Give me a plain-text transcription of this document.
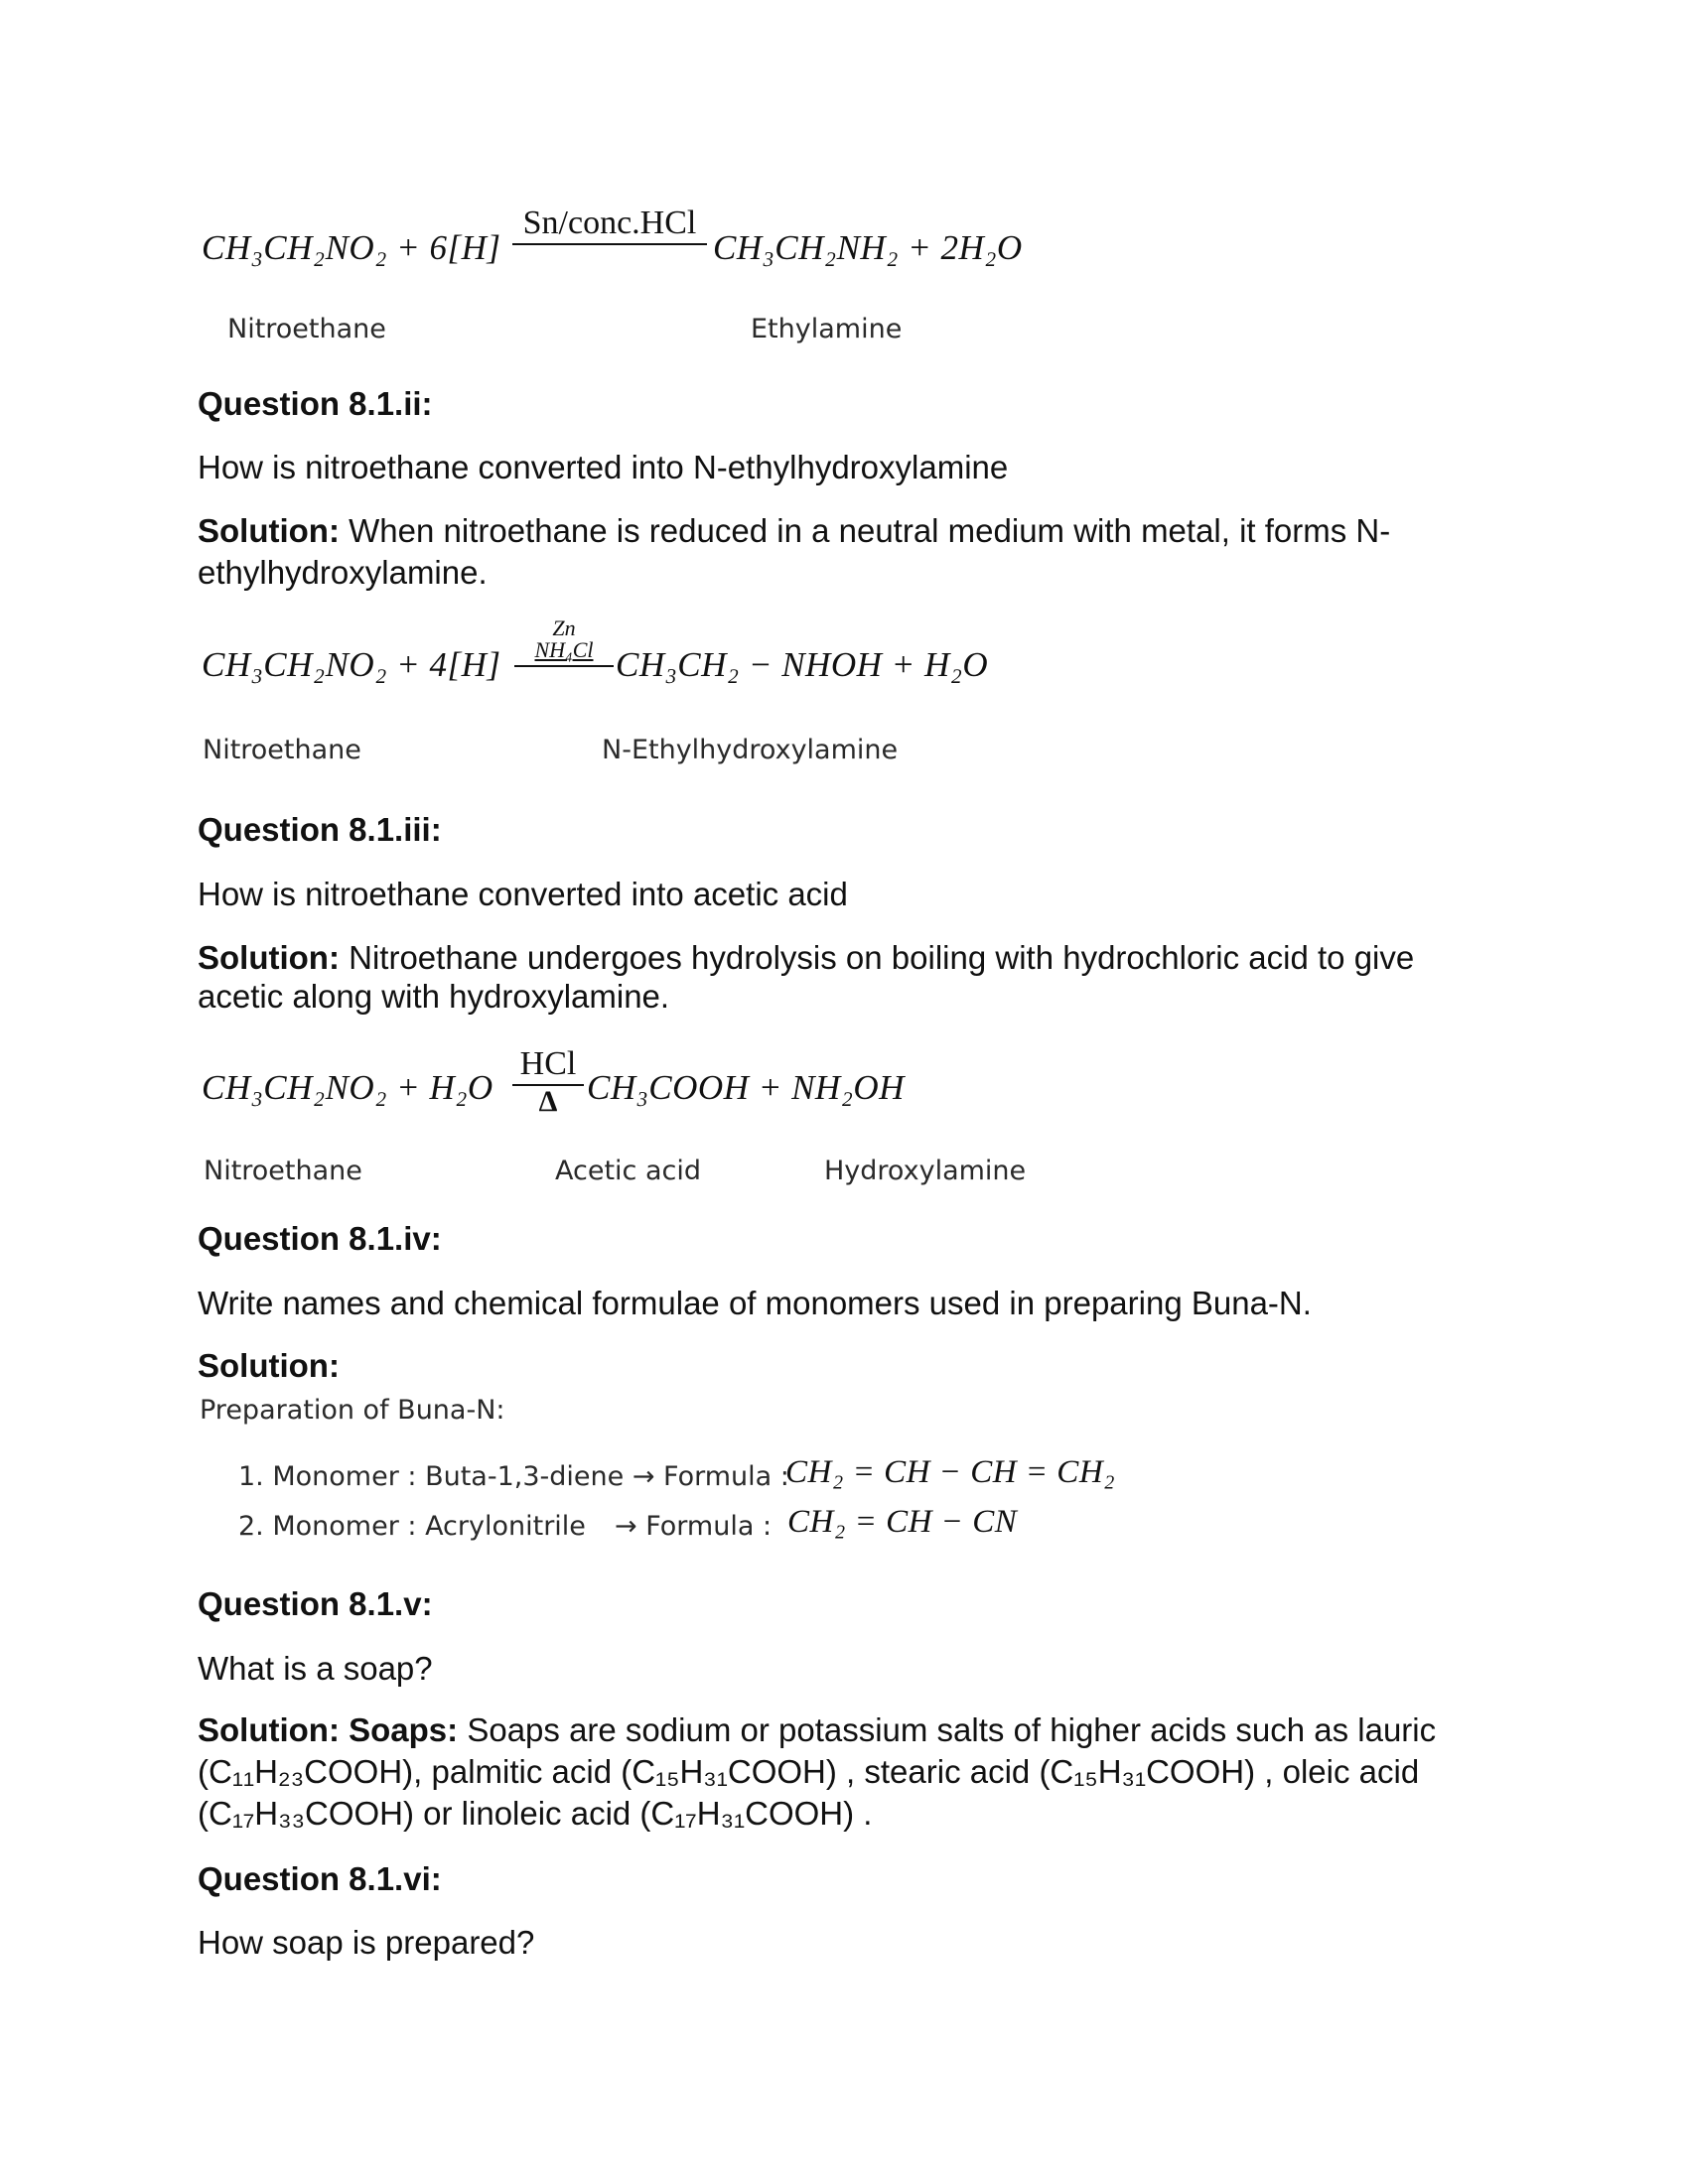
CH₃CH₂NO₂ + 6[H]
Sn/conc.HCl
CH₃CH₂NH₂ + 2H₂O
Nitroethane	Ethylamine
Question 8.1.ii:
How is nitroethane converted into N-ethylhydroxylamine
Solution: When nitroethane is reduced in a neutral medium with metal, it forms N-
ethylhydroxylamine.
CH₃CH₂NO₂ + 4[H]
Zn
NH₄Cl CH₃CH₂ − NHOH + H₂O
Nitroethane	N-Ethylhydroxylamine
Question 8.1.iii:
How is nitroethane converted into acetic acid
Solution: Nitroethane undergoes hydrolysis on boiling with hydrochloric acid to give
acetic along with hydroxylamine.
CH₃CH₂NO₂ + H₂O
HCl
Δ CH₃COOH + NH₂OH
Nitroethane	Acetic acid	Hydroxylamine
Question 8.1.iv:
Write names and chemical formulae of monomers used in preparing Buna-N.
Solution:
Preparation of Buna-N:
1. Monomer : Buta-1,3-diene → Formula :
CH₂ = CH − CH = CH₂
2. Monomer : Acrylonitrile → Formula : CH₂ = CH − CN
Question 8.1.v:
What is a soap?
Solution: Soaps: Soaps are sodium or potassium salts of higher acids such as lauric
(C₁₁H₂₃COOH), palmitic acid (C₁₅H₃₁COOH) , stearic acid (C₁₅H₃₁COOH) , oleic acid
(C₁₇H₃₃COOH) or linoleic acid (C₁₇H₃₁COOH) .
Question 8.1.vi:
How soap is prepared?
